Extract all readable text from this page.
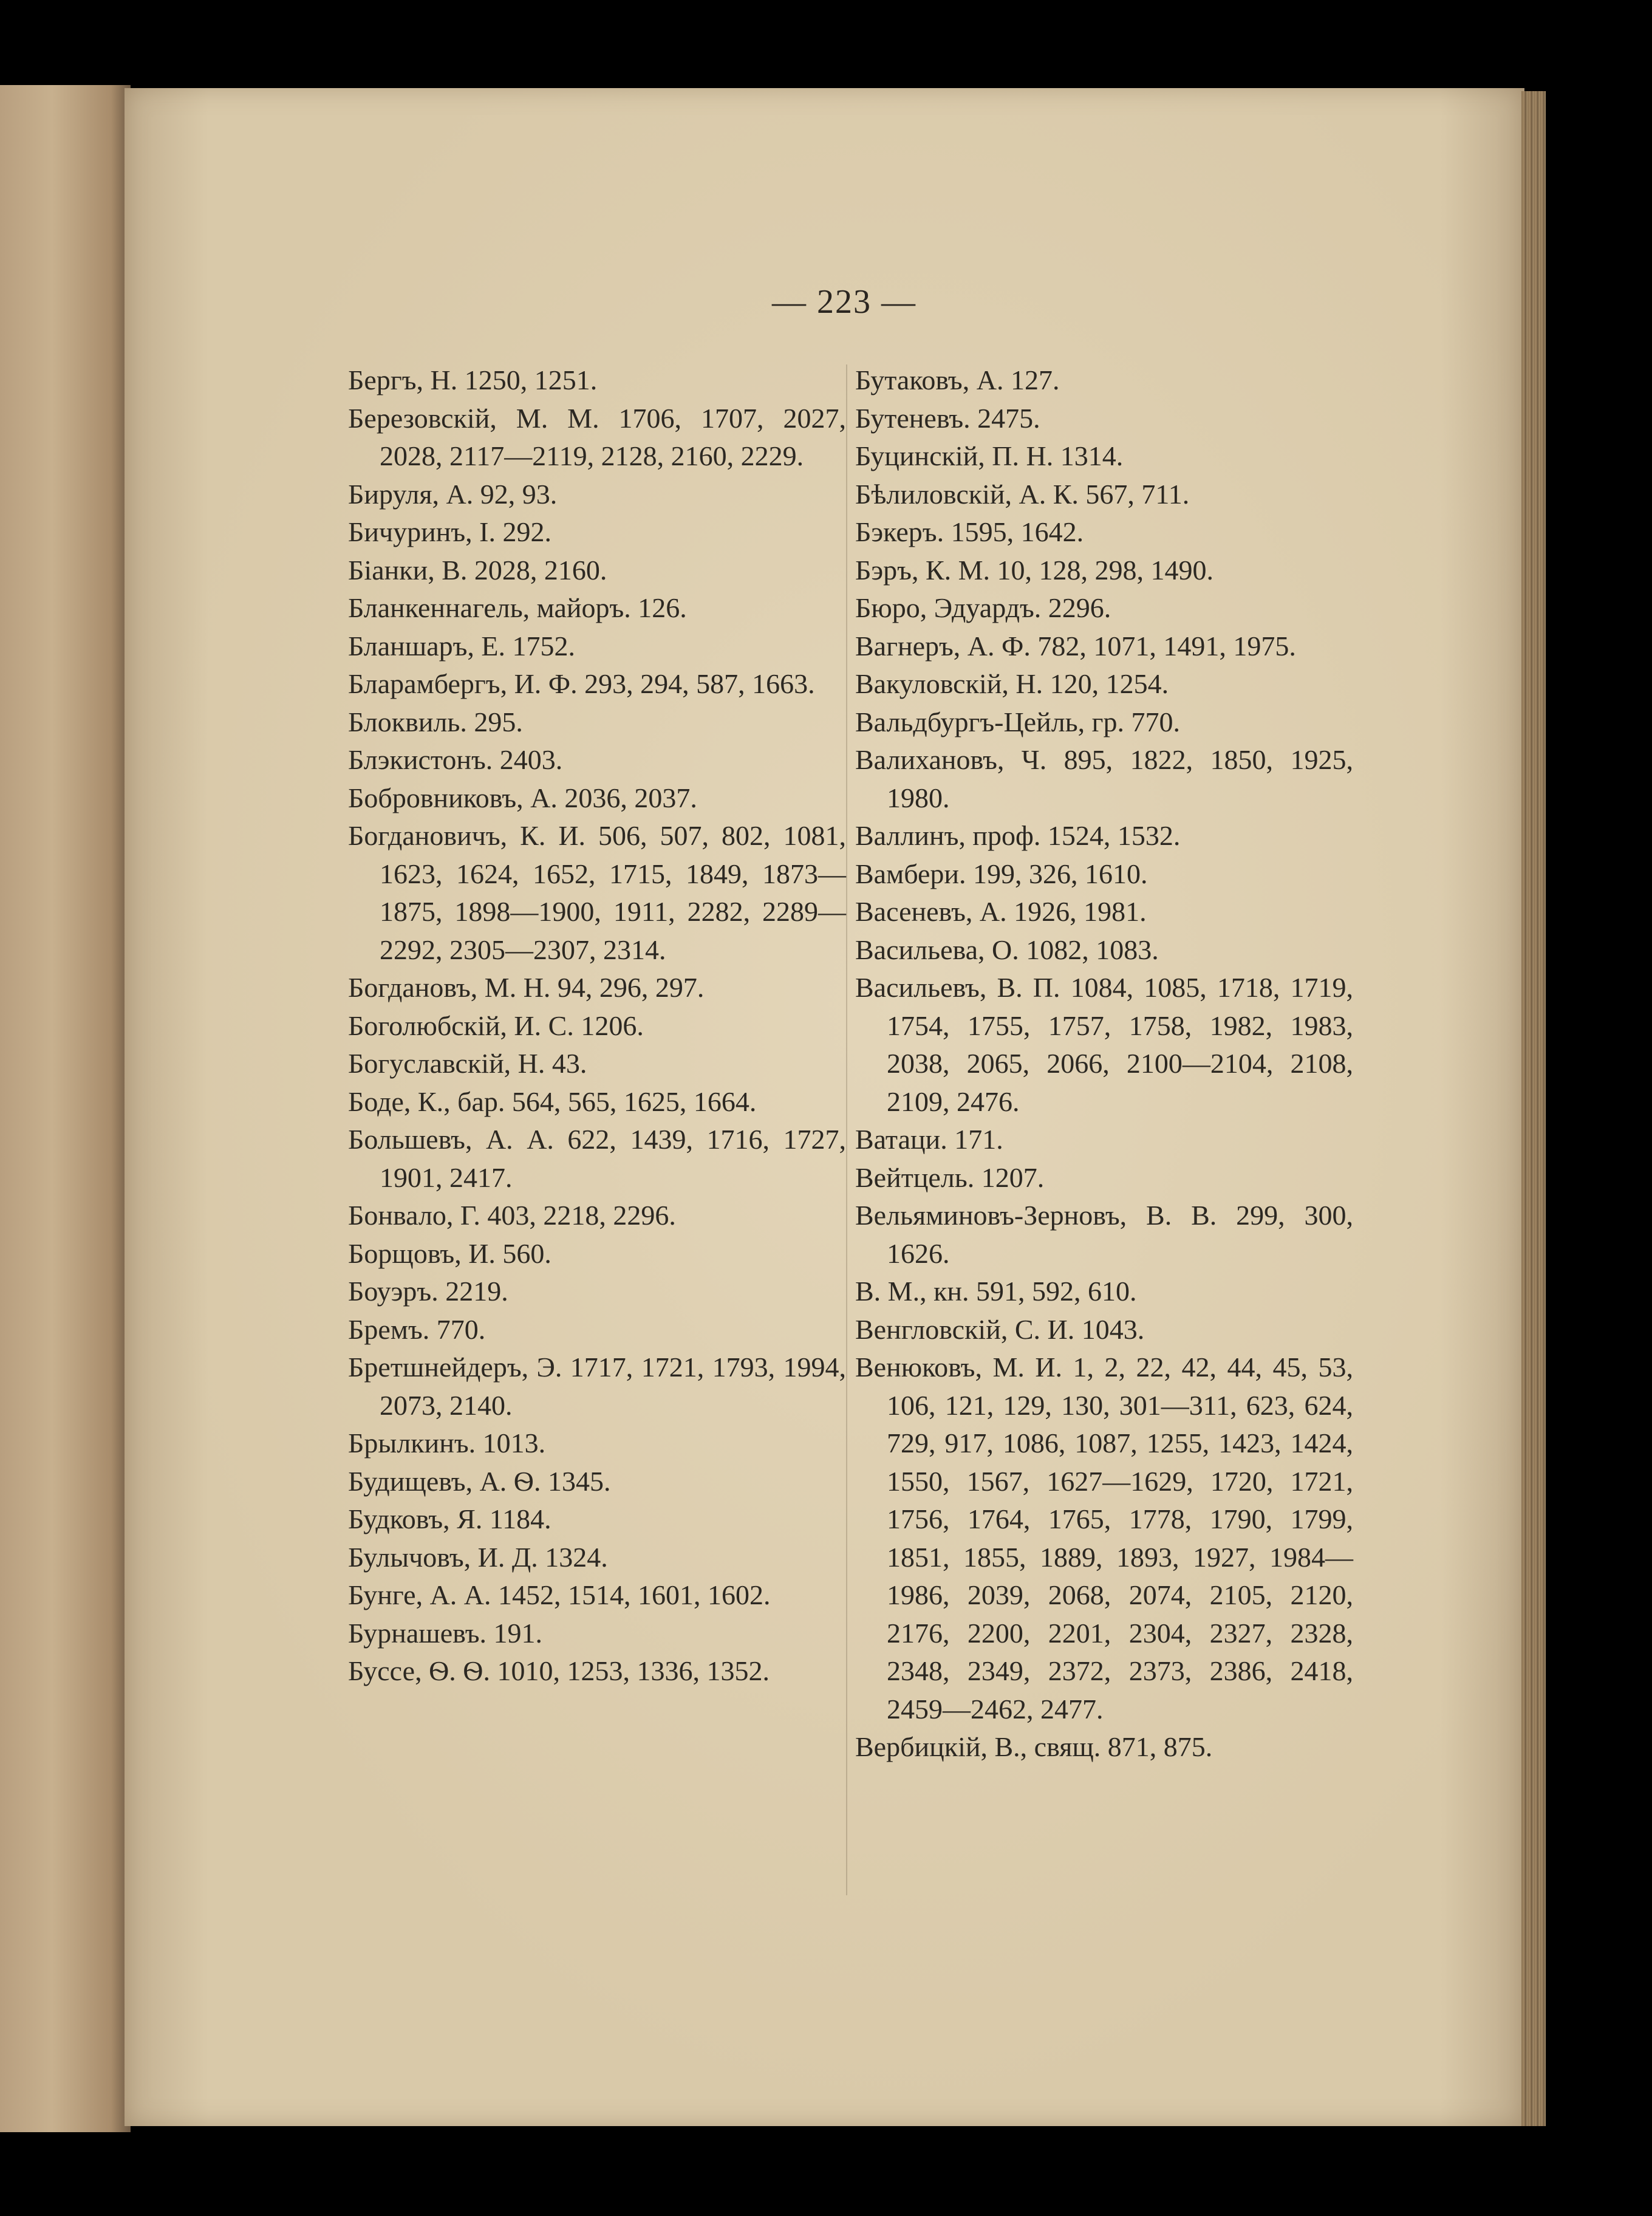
— 223 —

Бергъ, Н. 1250, 1251.

Березовскій, М. М. 1706, 1707, 2027, 2028, 2117—2119, 2128, 2160, 2229.

Бируля, А. 92, 93.

Бичуринъ, І. 292.

Біанки, В. 2028, 2160.

Бланкеннагель, майоръ. 126.

Бланшаръ, Е. 1752.

Бларамбергъ, И. Ф. 293, 294, 587, 1663.

Блоквиль. 295.

Блэкистонъ. 2403.

Бобровниковъ, А. 2036, 2037.

Богдановичъ, К. И. 506, 507, 802, 1081, 1623, 1624, 1652, 1715, 1849, 1873—1875, 1898—1900, 1911, 2282, 2289—2292, 2305—2307, 2314.

Богдановъ, М. Н. 94, 296, 297.

Боголюбскій, И. С. 1206.

Богуславскій, Н. 43.

Боде, К., бар. 564, 565, 1625, 1664.

Большевъ, А. А. 622, 1439, 1716, 1727, 1901, 2417.

Бонвало, Г. 403, 2218, 2296.

Борщовъ, И. 560.

Боуэръ. 2219.

Бремъ. 770.

Бретшнейдеръ, Э. 1717, 1721, 1793, 1994, 2073, 2140.

Брылкинъ. 1013.

Будищевъ, А. Ѳ. 1345.

Будковъ, Я. 1184.

Булычовъ, И. Д. 1324.

Бунге, А. А. 1452, 1514, 1601, 1602.

Бурнашевъ. 191.

Буссе, Ѳ. Ѳ. 1010, 1253, 1336, 1352.

Бутаковъ, А. 127.

Бутеневъ. 2475.

Буцинскій, П. Н. 1314.

Бѣлиловскій, А. К. 567, 711.

Бэкеръ. 1595, 1642.

Бэръ, К. М. 10, 128, 298, 1490.

Бюро, Эдуардъ. 2296.

Вагнеръ, А. Ф. 782, 1071, 1491, 1975.

Вакуловскій, Н. 120, 1254.

Вальдбургъ-Цейль, гр. 770.

Валихановъ, Ч. 895, 1822, 1850, 1925, 1980.

Валлинъ, проф. 1524, 1532.

Вамбери. 199, 326, 1610.

Васеневъ, А. 1926, 1981.

Васильева, О. 1082, 1083.

Васильевъ, В. П. 1084, 1085, 1718, 1719, 1754, 1755, 1757, 1758, 1982, 1983, 2038, 2065, 2066, 2100—2104, 2108, 2109, 2476.

Ватаци. 171.

Вейтцель. 1207.

Вельяминовъ-Зерновъ, В. В. 299, 300, 1626.

В. М., кн. 591, 592, 610.

Венгловскій, С. И. 1043.

Венюковъ, М. И. 1, 2, 22, 42, 44, 45, 53, 106, 121, 129, 130, 301—311, 623, 624, 729, 917, 1086, 1087, 1255, 1423, 1424, 1550, 1567, 1627—1629, 1720, 1721, 1756, 1764, 1765, 1778, 1790, 1799, 1851, 1855, 1889, 1893, 1927, 1984—1986, 2039, 2068, 2074, 2105, 2120, 2176, 2200, 2201, 2304, 2327, 2328, 2348, 2349, 2372, 2373, 2386, 2418, 2459—2462, 2477.

Вербицкій, В., свящ. 871, 875.
